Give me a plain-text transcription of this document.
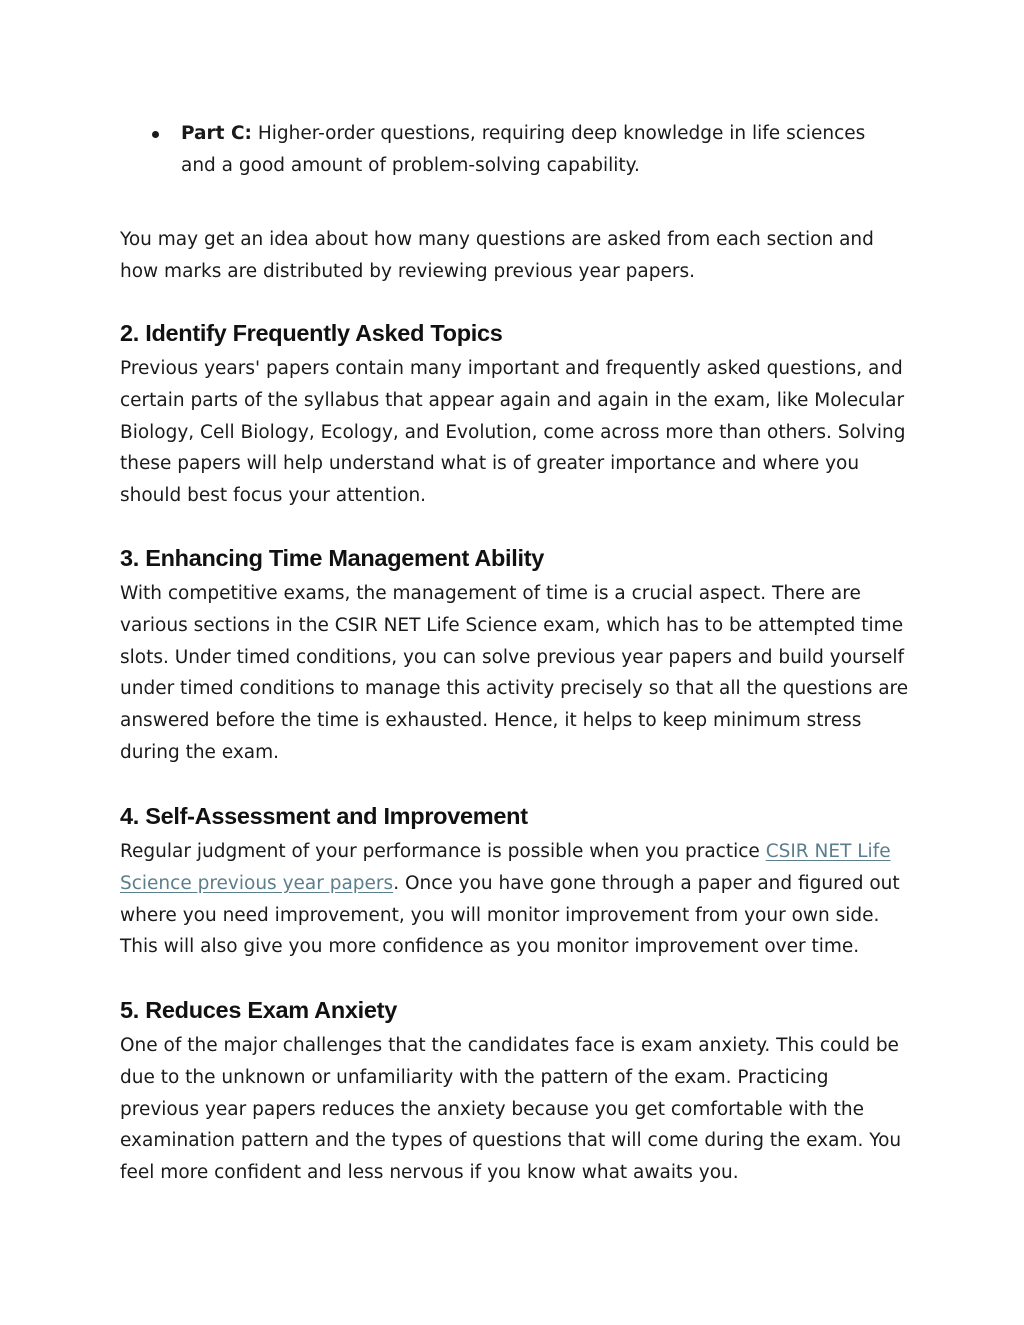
Part C: Higher-order questions, requiring deep knowledge in life sciences and a good amount of problem-solving capability.

You may get an idea about how many questions are asked from each section and how marks are distributed by reviewing previous year papers.

2. Identify Frequently Asked Topics

Previous years' papers contain many important and frequently asked questions, and certain parts of the syllabus that appear again and again in the exam, like Molecular Biology, Cell Biology, Ecology, and Evolution, come across more than others. Solving these papers will help understand what is of greater importance and where you should best focus your attention.

3. Enhancing Time Management Ability

With competitive exams, the management of time is a crucial aspect. There are various sections in the CSIR NET Life Science exam, which has to be attempted time slots. Under timed conditions, you can solve previous year papers and build yourself under timed conditions to manage this activity precisely so that all the questions are answered before the time is exhausted. Hence, it helps to keep minimum stress during the exam.

4. Self-Assessment and Improvement

Regular judgment of your performance is possible when you practice CSIR NET Life Science previous year papers. Once you have gone through a paper and figured out where you need improvement, you will monitor improvement from your own side. This will also give you more confidence as you monitor improvement over time.

5. Reduces Exam Anxiety

One of the major challenges that the candidates face is exam anxiety. This could be due to the unknown or unfamiliarity with the pattern of the exam. Practicing previous year papers reduces the anxiety because you get comfortable with the examination pattern and the types of questions that will come during the exam. You feel more confident and less nervous if you know what awaits you.
